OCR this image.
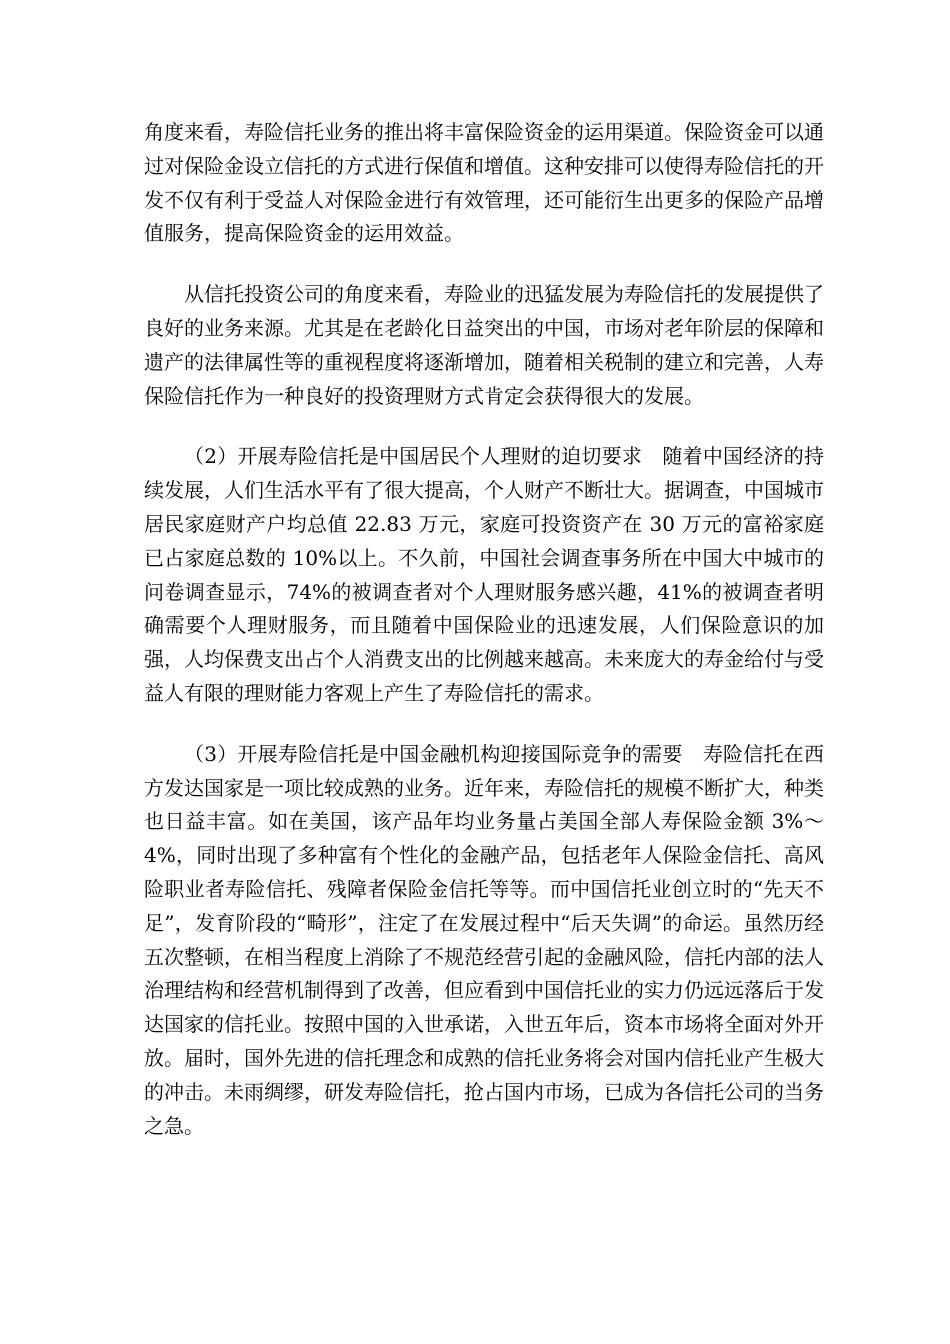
角度来看，寿险信托业务的推出将丰富保险资金的运用渠道。保险资金可以通过对保险金设立信托的方式进行保值和增值。这种安排可以使得寿险信托的开发不仅有利于受益人对保险金进行有效管理，还可能衍生出更多的保险产品增值服务，提高保险资金的运用效益。

从信托投资公司的角度来看，寿险业的迅猛发展为寿险信托的发展提供了良好的业务来源。尤其是在老龄化日益突出的中国，市场对老年阶层的保障和遗产的法律属性等的重视程度将逐渐增加，随着相关税制的建立和完善，人寿保险信托作为一种良好的投资理财方式肯定会获得很大的发展。

（2）开展寿险信托是中国居民个人理财的迫切要求　随着中国经济的持续发展，人们生活水平有了很大提高，个人财产不断壮大。据调查，中国城市居民家庭财产户均总值 22.83 万元，家庭可投资资产在 30 万元的富裕家庭已占家庭总数的 10%以上。不久前，中国社会调查事务所在中国大中城市的问卷调查显示，74%的被调查者对个人理财服务感兴趣，41%的被调查者明确需要个人理财服务，而且随着中国保险业的迅速发展，人们保险意识的加强，人均保费支出占个人消费支出的比例越来越高。未来庞大的寿金给付与受益人有限的理财能力客观上产生了寿险信托的需求。

（3）开展寿险信托是中国金融机构迎接国际竞争的需要　寿险信托在西方发达国家是一项比较成熟的业务。近年来，寿险信托的规模不断扩大，种类也日益丰富。如在美国，该产品年均业务量占美国全部人寿保险金额 3%～4%，同时出现了多种富有个性化的金融产品，包括老年人保险金信托、高风险职业者寿险信托、残障者保险金信托等等。而中国信托业创立时的“先天不足”，发育阶段的“畸形”，注定了在发展过程中“后天失调”的命运。虽然历经五次整顿，在相当程度上消除了不规范经营引起的金融风险，信托内部的法人治理结构和经营机制得到了改善，但应看到中国信托业的实力仍远远落后于发达国家的信托业。按照中国的入世承诺，入世五年后，资本市场将全面对外开放。届时，国外先进的信托理念和成熟的信托业务将会对国内信托业产生极大的冲击。未雨绸缪，研发寿险信托，抢占国内市场，已成为各信托公司的当务之急。
